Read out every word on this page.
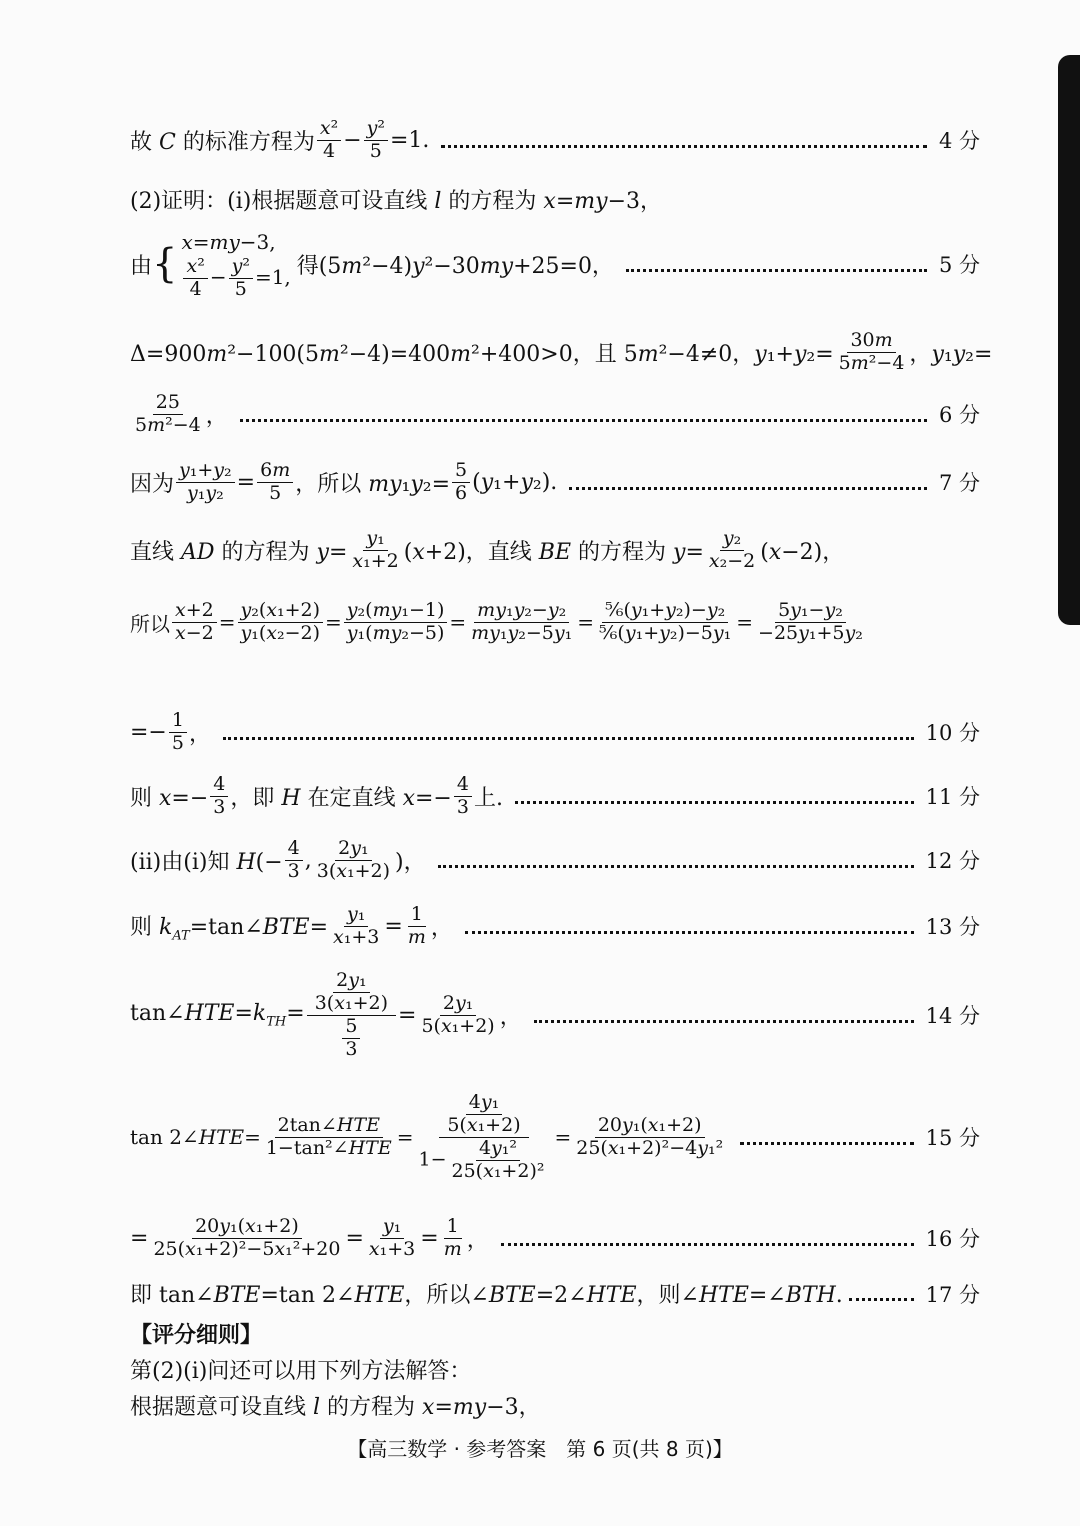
故 C 的标准方程为 $\frac{\text{x²}}{4} - \frac{\text{y²}}{5} =1$.	4 分
(2)证明：(ⅰ)根据题意可设直线 l 的方程为 x=my−3，
由 { x=my−3,
$\frac{\text{x²}}{4} - \frac{\text{y²}}{5} =1$, 得(5m²−4)y²−30my+25=0，	5 分
Δ=900m²−100(5m²−4)=400m²+400>0，且 5m²−4≠0，$y_1+y_2= \frac{30m}{\text{5m²−4}}$ ，y₁y₂=
$\frac{25}{\text{5m²−4}}$ ，	6 分
因为 $\frac{\text{y₁+y₂}}{\text{y₁y₂}} = \frac{6m}{5}$ ，所以 $my_1y_2= \frac{5}{6} (y_1+y_2)$.	7 分
直线 AD 的方程为 $y= \frac{\text{y₁}}{\text{x₁+2}} (x+2)$，直线 BE 的方程为 $y= \frac{\text{y₂}}{\text{x₂−2}} (x-2)$，
所以 $\frac{x+2}{x-2} = \frac{\text{y₂(x₁+2)}}{\text{y₁(x₂−2)}} = \frac{\text{y₂(my₁−1)}}{\text{y₁(my₂−5)}} = \frac{\text{my₁y₂−y₂}}{\text{my₁y₂−5y₁}} = \frac{\text{⁵⁄₆(y₁+y₂)−y₂}}{\text{⁵⁄₆(y₁+y₂)−5y₁}} = \frac{\text{5y₁−y₂}}{\text{−25y₁+5y₂}}$
=− $\frac{1}{5}$ ，	10 分
则 $x=- \frac{4}{3}$ ，即 H 在定直线 $x=- \frac{4}{3}$ 上.	11 分
(ⅱ)由(ⅰ)知 $H(- \frac{4}{3}$ , $\frac{\text{2y₁}}{\text{3(x₁+2)}}$ )，	12 分
则 $k_{AT}=\tan\angle BTE= \frac{\text{y₁}}{\text{x₁+3}} = \frac{1}{m}$ ，	13 分
$\tan\angle HTE=k_{TH}= \frac{\frac{\text{2y₁}}{\text{3(x₁+2)}}}{\frac{5}{3}} = \frac{\text{2y₁}}{\text{5(x₁+2)}}$ ，	14 分
tan 2∠HTE= $\frac{\text{2tan∠HTE}}{\text{1−tan²∠HTE}} = \frac{\frac{\text{4y₁}}{\text{5(x₁+2)}}}{1- \frac{\text{4y₁²}}{\text{25(x₁+2)²}}} = \frac{\text{20y₁(x₁+2)}}{\text{25(x₁+2)²−4y₁²}}$	15 分
= $\frac{\text{20y₁(x₁+2)}}{\text{25(x₁+2)²−5x₁²+20}} = \frac{\text{y₁}}{\text{x₁+3}} = \frac{1}{m}$ ，	16 分
即 tan∠BTE=tan 2∠HTE，所以∠BTE=2∠HTE，则∠HTE=∠BTH.	17 分
【评分细则】
第(2)(ⅰ)问还可以用下列方法解答：
根据题意可设直线 l 的方程为 x=my−3，
【高三数学 · 参考答案　第 6 页(共 8 页)】
